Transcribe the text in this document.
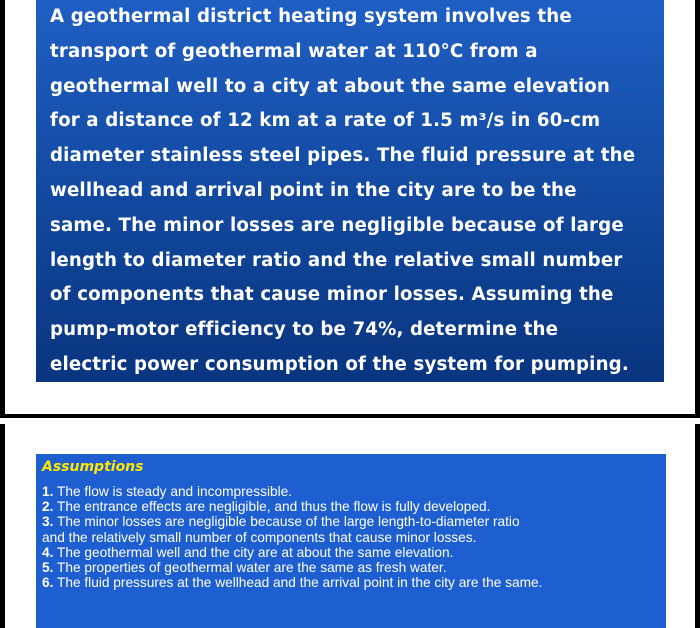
A geothermal district heating system involves the
transport of geothermal water at 110°C from a
geothermal well to a city at about the same elevation
for a distance of 12 km at a rate of 1.5 m³/s in 60-cm
diameter stainless steel pipes. The fluid pressure at the
wellhead and arrival point in the city are to be the
same. The minor losses are negligible because of large
length to diameter ratio and the relative small number
of components that cause minor losses. Assuming the
pump-motor efficiency to be 74%, determine the
electric power consumption of the system for pumping.

Assumptions
1. The flow is steady and incompressible.
2. The entrance effects are negligible, and thus the flow is fully developed.
3. The minor losses are negligible because of the large length-to-diameter ratio
and the relatively small number of components that cause minor losses.
4. The geothermal well and the city are at about the same elevation.
5. The properties of geothermal water are the same as fresh water.
6. The fluid pressures at the wellhead and the arrival point in the city are the same.
